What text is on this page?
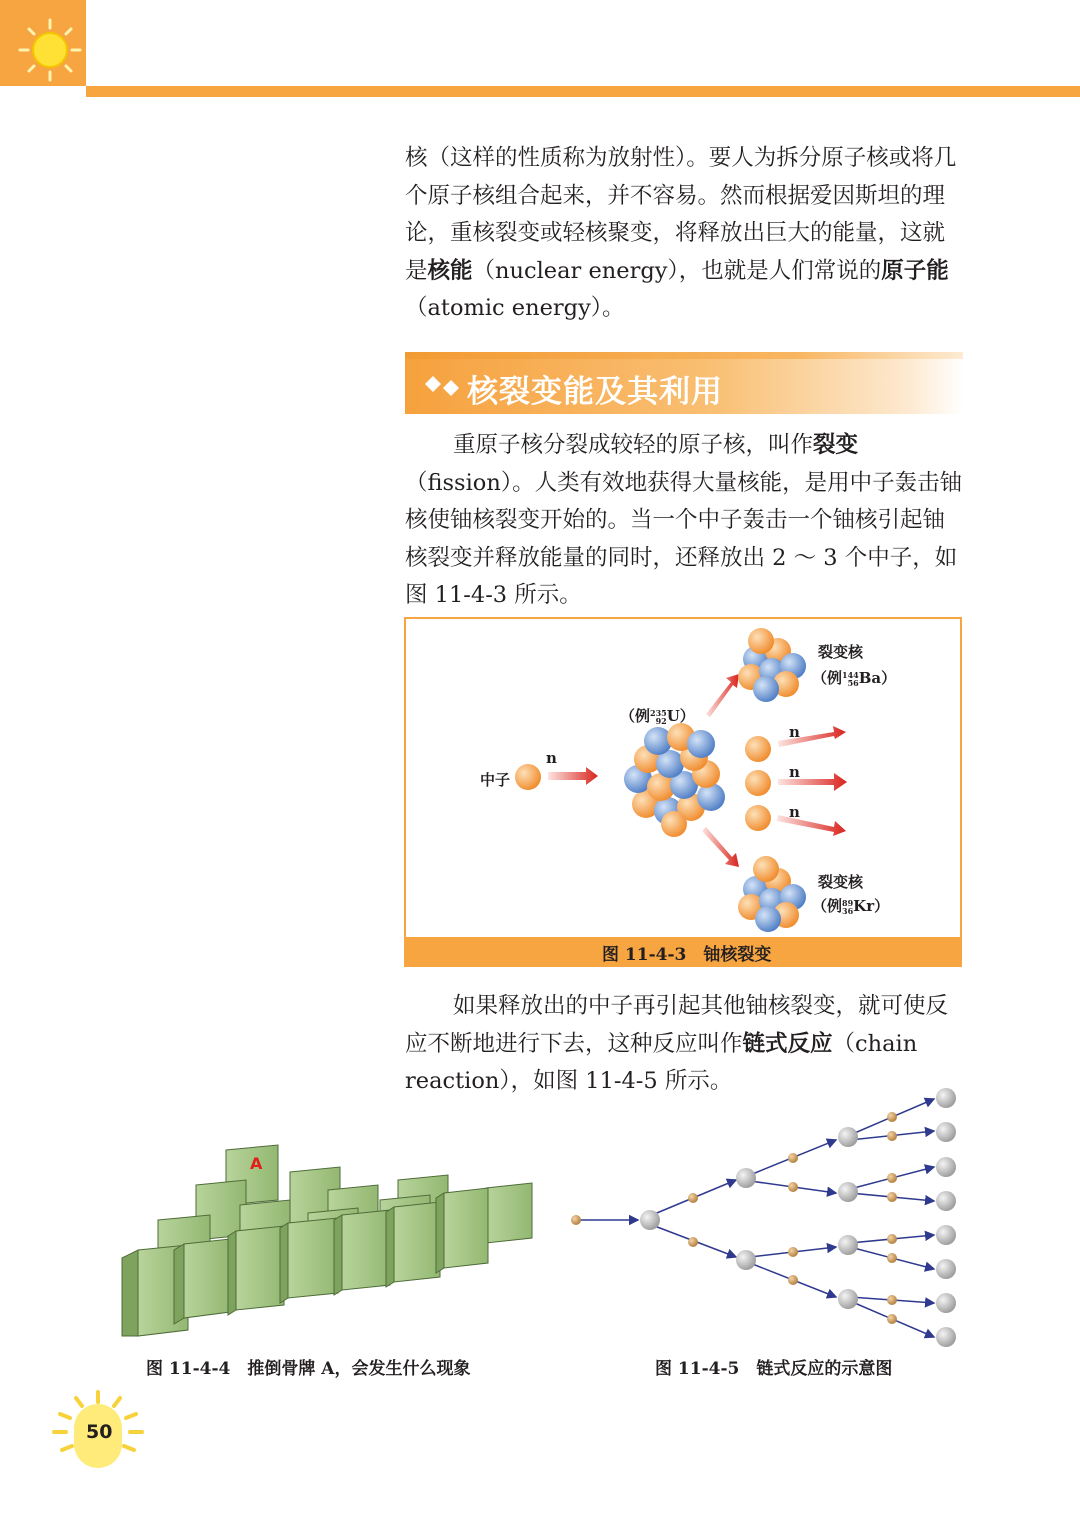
核（这样的性质称为放射性）。要人为拆分原子核或将几个原子核组合起来，并不容易。然而根据爱因斯坦的理论，重核裂变或轻核聚变，将释放出巨大的能量，这就是核能（nuclear energy），也就是人们常说的原子能（atomic energy）。

核裂变能及其利用

重原子核分裂成较轻的原子核，叫作裂变（fission）。人类有效地获得大量核能，是用中子轰击铀核使铀核裂变开始的。当一个中子轰击一个铀核引起铀核裂变并释放能量的同时，还释放出 2 ～ 3 个中子，如图 11-4-3 所示。

中子
n
（例235
92U）
裂变核
（例144
56Ba）
n
n
n
裂变核
（例89
36Kr）
图 11-4-3　铀核裂变

如果释放出的中子再引起其他铀核裂变，就可使反应不断地进行下去，这种反应叫作链式反应（chain reaction），如图 11-4-5 所示。

A
图 11-4-4　推倒骨牌 A，会发生什么现象	图 11-4-5　链式反应的示意图
50
